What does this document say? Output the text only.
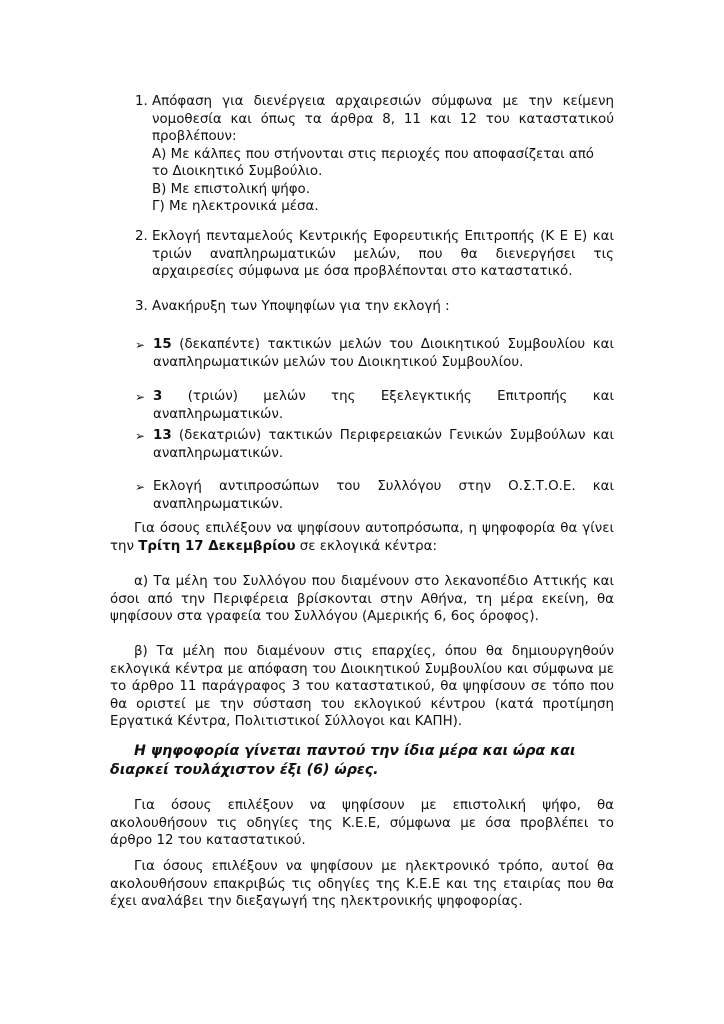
1. Απόφαση για διενέργεια αρχαιρεσιών σύμφωνα με την κείμενη νομοθεσία και όπως τα άρθρα 8, 11 και 12 του καταστατικού προβλέπουν:
Α) Με κάλπες που στήνονται στις περιοχές που αποφασίζεται από το Διοικητικό Συμβούλιο.
Β) Με επιστολική ψήφο.
Γ) Με ηλεκτρονικά μέσα.
2. Εκλογή πενταμελούς Κεντρικής Εφορευτικής Επιτροπής (Κ Ε Ε) και τριών αναπληρωματικών μελών, που θα διενεργήσει τις αρχαιρεσίες σύμφωνα με όσα προβλέπονται στο καταστατικό.
3. Ανακήρυξη των Υποψηφίων για την εκλογή :
➢ 15 (δεκαπέντε) τακτικών μελών του Διοικητικού Συμβουλίου και αναπληρωματικών μελών του Διοικητικού Συμβουλίου.
➢ 3 (τριών) μελών της Εξελεγκτικής Επιτροπής και αναπληρωματικών.
➢ 13 (δεκατριών) τακτικών Περιφερειακών Γενικών Συμβούλων και αναπληρωματικών.
➢ Εκλογή αντιπροσώπων του Συλλόγου στην Ο.Σ.Τ.Ο.Ε. και αναπληρωματικών.
Για όσους επιλέξουν να ψηφίσουν αυτοπρόσωπα, η ψηφοφορία θα γίνει την Τρίτη 17 Δεκεμβρίου σε εκλογικά κέντρα:
α) Τα μέλη του Συλλόγου που διαμένουν στο λεκανοπέδιο Αττικής και όσοι από την Περιφέρεια βρίσκονται στην Αθήνα, τη μέρα εκείνη, θα ψηφίσουν στα γραφεία του Συλλόγου (Αμερικής 6, 6ος όροφος).
β) Τα μέλη που διαμένουν στις επαρχίες, όπου θα δημιουργηθούν εκλογικά κέντρα με απόφαση του Διοικητικού Συμβουλίου και σύμφωνα με το άρθρο 11 παράγραφος 3 του καταστατικού, θα ψηφίσουν σε τόπο που θα οριστεί με την σύσταση του εκλογικού κέντρου (κατά προτίμηση Εργατικά Κέντρα, Πολιτιστικοί Σύλλογοι και ΚΑΠΗ).
Η ψηφοφορία γίνεται παντού την ίδια μέρα και ώρα και διαρκεί τουλάχιστον έξι (6) ώρες.
Για όσους επιλέξουν να ψηφίσουν με επιστολική ψήφο, θα ακολουθήσουν τις οδηγίες της Κ.Ε.Ε, σύμφωνα με όσα προβλέπει το άρθρο 12 του καταστατικού.
Για όσους επιλέξουν να ψηφίσουν με ηλεκτρονικό τρόπο, αυτοί θα ακολουθήσουν επακριβώς τις οδηγίες της Κ.Ε.Ε και της εταιρίας που θα έχει αναλάβει την διεξαγωγή της ηλεκτρονικής ψηφοφορίας.
